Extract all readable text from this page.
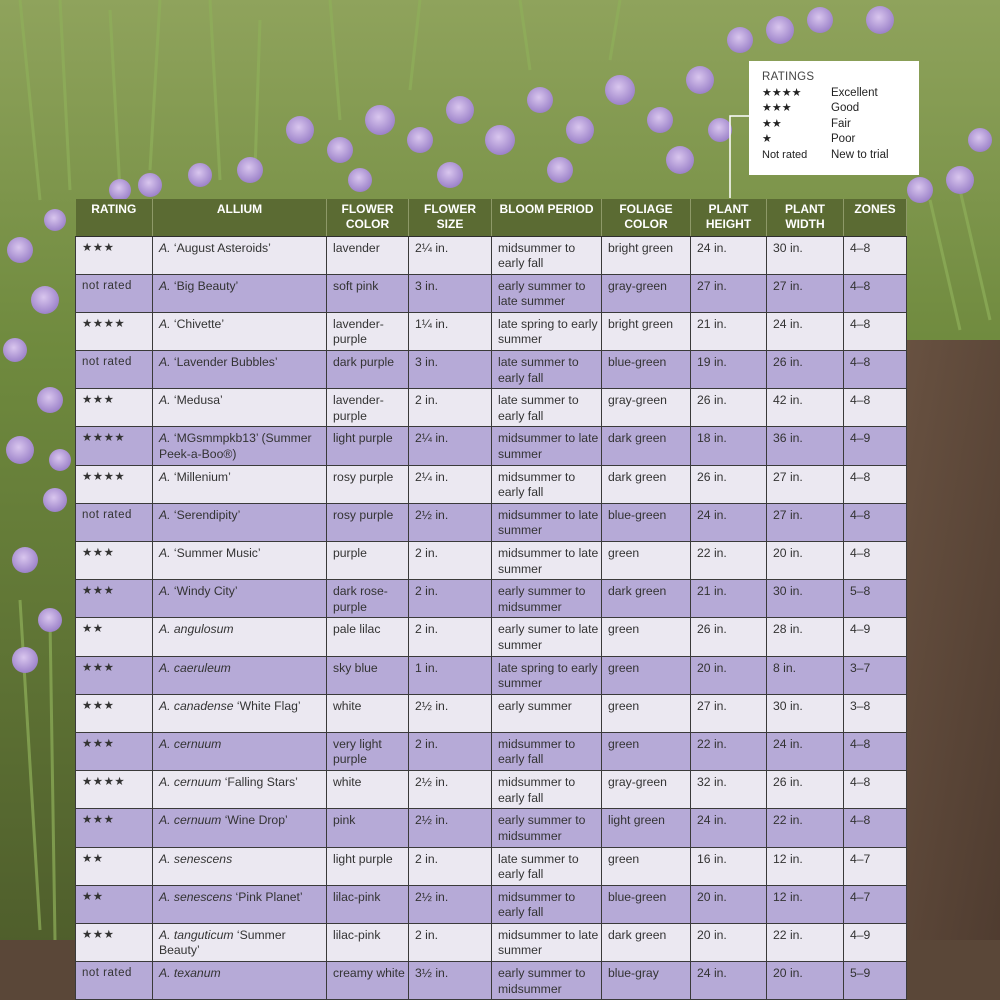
RATINGS
★★★★	Excellent
★★★	Good
★★	Fair
★	Poor
Not rated	New to trial
RATING	ALLIUM	FLOWER COLOR	FLOWER SIZE	BLOOM PERIOD	FOLIAGE COLOR	PLANT HEIGHT	PLANT WIDTH	ZONES
★★★	A. ‘August Asteroids’	lavender	2¼ in.	midsummer to early fall	bright green	24 in.	30 in.	4–8
not rated	A. ‘Big Beauty’	soft pink	3 in.	early summer to late summer	gray-green	27 in.	27 in.	4–8
★★★★	A. ‘Chivette’	lavender-purple	1¼ in.	late spring to early summer	bright green	21 in.	24 in.	4–8
not rated	A. ‘Lavender Bubbles’	dark purple	3 in.	late summer to early fall	blue-green	19 in.	26 in.	4–8
★★★	A. ‘Medusa’	lavender-purple	2 in.	late summer to early fall	gray-green	26 in.	42 in.	4–8
★★★★	A. ‘MGsmmpkb13’ (Summer Peek-a-Boo®)	light purple	2¼ in.	midsummer to late summer	dark green	18 in.	36 in.	4–9
★★★★	A. ‘Millenium’	rosy purple	2¼ in.	midsummer to early fall	dark green	26 in.	27 in.	4–8
not rated	A. ‘Serendipity’	rosy purple	2½ in.	midsummer to late summer	blue-green	24 in.	27 in.	4–8
★★★	A. ‘Summer Music’	purple	2 in.	midsummer to late summer	green	22 in.	20 in.	4–8
★★★	A. ‘Windy City’	dark rose-purple	2 in.	early summer to midsummer	dark green	21 in.	30 in.	5–8
★★	A. angulosum	pale lilac	2 in.	early sumer to late summer	green	26 in.	28 in.	4–9
★★★	A. caeruleum	sky blue	1 in.	late spring to early summer	green	20 in.	8 in.	3–7
★★★	A. canadense ‘White Flag’	white	2½ in.	early summer	green	27 in.	30 in.	3–8
★★★	A. cernuum	very light purple	2 in.	midsummer to early fall	green	22 in.	24 in.	4–8
★★★★	A. cernuum ‘Falling Stars’	white	2½ in.	midsummer to early fall	gray-green	32 in.	26 in.	4–8
★★★	A. cernuum ‘Wine Drop’	pink	2½ in.	early summer to midsummer	light green	24 in.	22 in.	4–8
★★	A. senescens	light purple	2 in.	late summer to early fall	green	16 in.	12 in.	4–7
★★	A. senescens ‘Pink Planet’	lilac-pink	2½ in.	midsummer to early fall	blue-green	20 in.	12 in.	4–7
★★★	A. tanguticum ‘Summer Beauty’	lilac-pink	2 in.	midsummer to late summer	dark green	20 in.	22 in.	4–9
not rated	A. texanum	creamy white	3½ in.	early summer to midsummer	blue-gray	24 in.	20 in.	5–9
